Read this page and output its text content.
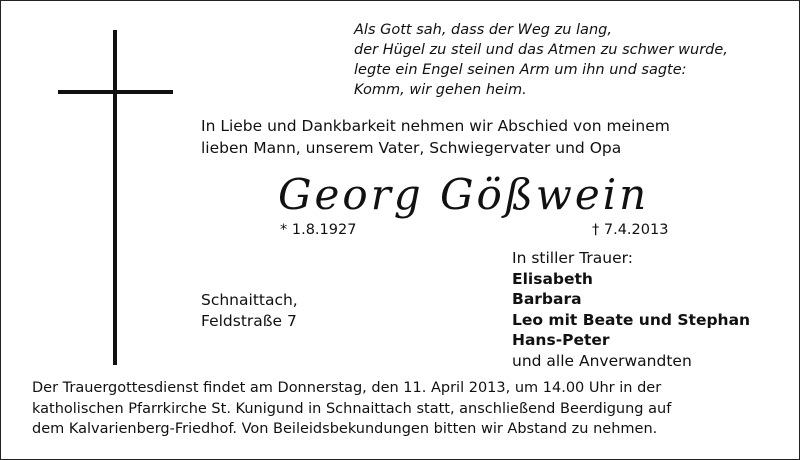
Als Gott sah, dass der Weg zu lang,
der Hügel zu steil und das Atmen zu schwer wurde,
legte ein Engel seinen Arm um ihn und sagte:
Komm, wir gehen heim.
In Liebe und Dankbarkeit nehmen wir Abschied von meinem
lieben Mann, unserem Vater, Schwiegervater und Opa
Georg Gößwein
* 1.8.1927	† 7.4.2013
Schnaittach,
Feldstraße 7
In stiller Trauer:
Elisabeth
Barbara
Leo mit Beate und Stephan
Hans-Peter
und alle Anverwandten
Der Trauergottesdienst findet am Donnerstag, den 11. April 2013, um 14.00 Uhr in der
katholischen Pfarrkirche St. Kunigund in Schnaittach statt, anschließend Beerdigung auf
dem Kalvarienberg-Friedhof. Von Beileidsbekundungen bitten wir Abstand zu nehmen.
